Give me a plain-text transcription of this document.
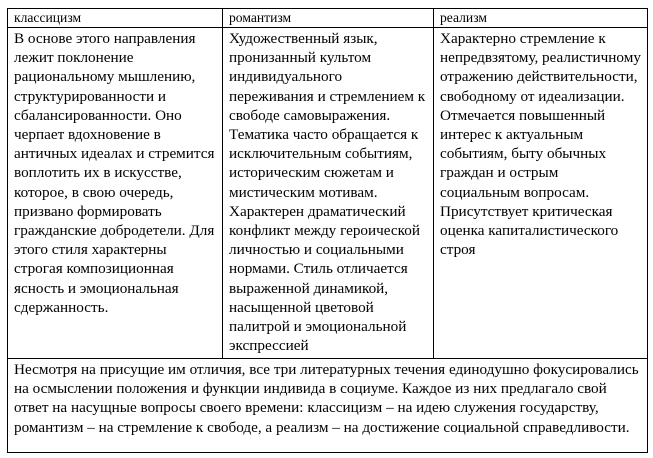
классицизм	романтизм	реализм
В основе этого направления лежит поклонение рациональному мышлению, структурированности и сбалансированности. Оно черпает вдохновение в античных идеалах и стремится воплотить их в искусстве, которое, в свою очередь, призвано формировать гражданские добродетели. Для этого стиля характерны строгая композиционная ясность и эмоциональная сдержанность.	Художественный язык, пронизанный культом индивидуального переживания и стремлением к свободе самовыражения. Тематика часто обращается к исключительным событиям, историческим сюжетам и мистическим мотивам. Характерен драматический конфликт между героической личностью и социальными нормами. Стиль отличается выраженной динамикой, насыщенной цветовой палитрой и эмоциональной экспрессией	Характерно стремление к непредвзятому, реалистичному отражению действительности, свободному от идеализации. Отмечается повышенный интерес к актуальным событиям, быту обычных граждан и острым социальным вопросам. Присутствует критическая оценка капиталистического строя
Несмотря на присущие им отличия, все три литературных течения единодушно фокусировались на осмыслении положения и функции индивида в социуме. Каждое из них предлагало свой ответ на насущные вопросы своего времени: классицизм – на идею служения государству, романтизм – на стремление к свободе, а реализм – на достижение социальной справедливости.		
